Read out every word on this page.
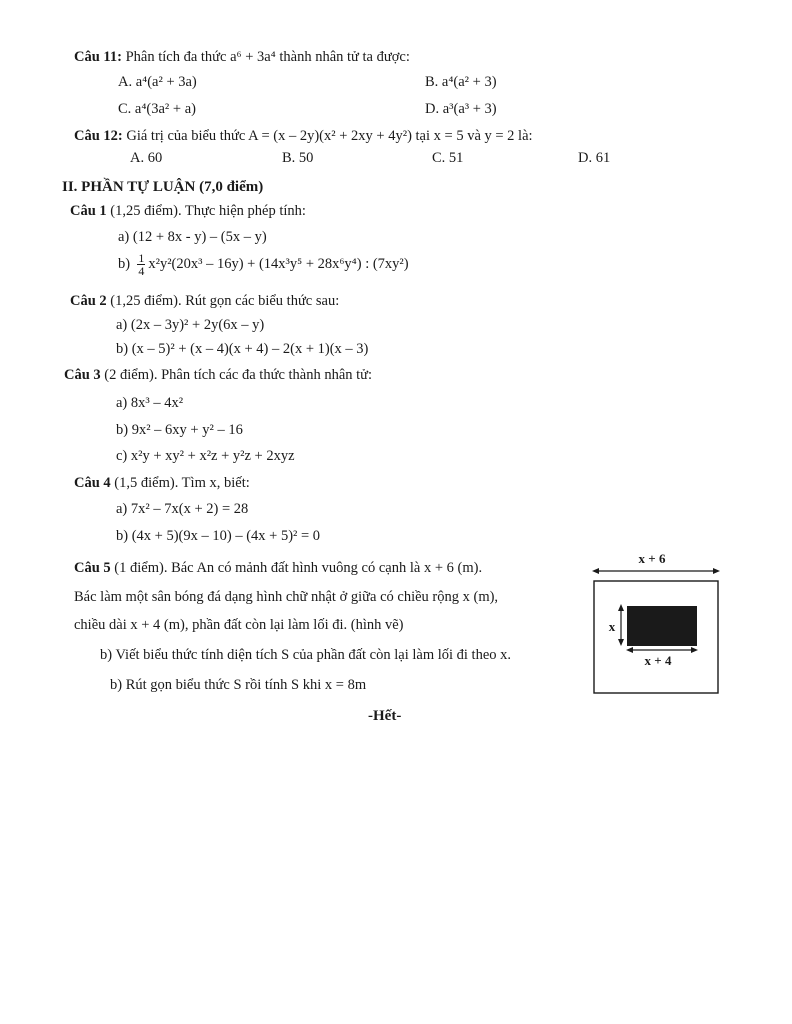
Câu 11: Phân tích đa thức a⁶ + 3a⁴ thành nhân tử ta được:
A. a⁴(a² + 3a)	B. a⁴(a² + 3)
C. a⁴(3a² + a)	D. a³(a³ + 3)
Câu 12: Giá trị của biểu thức A = (x – 2y)(x² + 2xy + 4y²) tại x = 5 và y = 2 là:
A. 60	B. 50	C. 51	D. 61
II. PHẦN TỰ LUẬN (7,0 điểm)
Câu 1 (1,25 điểm). Thực hiện phép tính:
a) (12 + 8x - y) – (5x – y)
$b) \frac{1}{4} x^2y^2(20x^3 - 16y) + (14x^3y^5 + 28x^6y^4)$ : (7xy²)
Câu 2 (1,25 điểm). Rút gọn các biểu thức sau:
a) (2x – 3y)² + 2y(6x – y)
b) (x – 5)² + (x – 4)(x + 4) – 2(x + 1)(x – 3)
Câu 3 (2 điểm). Phân tích các đa thức thành nhân tử:
a) 8x³ – 4x²
b) 9x² – 6xy + y² – 16
c) x²y + xy² + x²z + y²z + 2xyz
Câu 4 (1,5 điểm). Tìm x, biết:
a) 7x² – 7x(x + 2) = 28
b) (4x + 5)(9x – 10) – (4x + 5)² = 0
Câu 5 (1 điểm). Bác An có mảnh đất hình vuông có cạnh là x + 6 (m).
Bác làm một sân bóng đá dạng hình chữ nhật ở giữa có chiều rộng x (m),
chiều dài x + 4 (m), phần đất còn lại làm lối đi. (hình vẽ)
b) Viết biểu thức tính diện tích S của phần đất còn lại làm lối đi theo x.
b) Rút gọn biểu thức S rồi tính S khi x = 8m
x + 6
x
x + 4
-Hết-
